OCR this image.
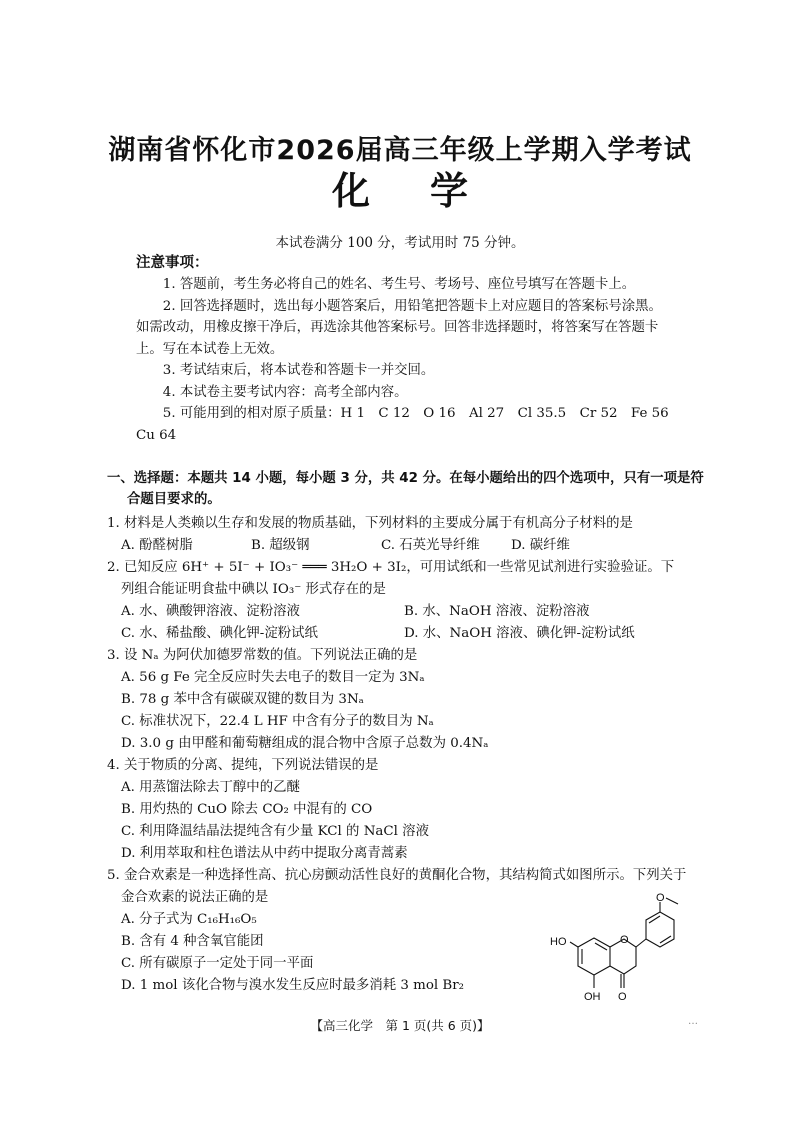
湖南省怀化市2026届高三年级上学期入学考试
化学
本试卷满分 100 分，考试用时 75 分钟。
注意事项：

1. 答题前，考生务必将自己的姓名、考生号、考场号、座位号填写在答题卡上。

2. 回答选择题时，选出每小题答案后，用铅笔把答题卡上对应题目的答案标号涂黑。如需改动，用橡皮擦干净后，再选涂其他答案标号。回答非选择题时，将答案写在答题卡上。写在本试卷上无效。

3. 考试结束后，将本试卷和答题卡一并交回。

4. 本试卷主要考试内容：高考全部内容。

5. 可能用到的相对原子质量：H 1　C 12　O 16　Al 27　Cl 35.5　Cr 52　Fe 56　Cu 64

一、选择题：本题共 14 小题，每小题 3 分，共 42 分。在每小题给出的四个选项中，只有一项是符合题目要求的。

1. 材料是人类赖以生存和发展的物质基础，下列材料的主要成分属于有机高分子材料的是

A. 酚醛树脂	B. 超级钢	C. 石英光导纤维	D. 碳纤维

2. 已知反应 6H⁺ + 5I⁻ + IO₃⁻ ═══ 3H₂O + 3I₂，可用试纸和一些常见试剂进行实验验证。下列组合能证明食盐中碘以 IO₃⁻ 形式存在的是

A. 水、碘酸钾溶液、淀粉溶液	B. 水、NaOH 溶液、淀粉溶液
C. 水、稀盐酸、碘化钾-淀粉试纸	D. 水、NaOH 溶液、碘化钾-淀粉试纸

3. 设 Nₐ 为阿伏加德罗常数的值。下列说法正确的是

A. 56 g Fe 完全反应时失去电子的数目一定为 3Nₐ

B. 78 g 苯中含有碳碳双键的数目为 3Nₐ

C. 标准状况下，22.4 L HF 中含有分子的数目为 Nₐ

D. 3.0 g 由甲醛和葡萄糖组成的混合物中含原子总数为 0.4Nₐ

4. 关于物质的分离、提纯，下列说法错误的是

A. 用蒸馏法除去丁醇中的乙醚

B. 用灼热的 CuO 除去 CO₂ 中混有的 CO

C. 利用降温结晶法提纯含有少量 KCl 的 NaCl 溶液

D. 利用萃取和柱色谱法从中药中提取分离青蒿素

5. 金合欢素是一种选择性高、抗心房颤动活性良好的黄酮化合物，其结构简式如图所示。下列关于金合欢素的说法正确的是

A. 分子式为 C₁₆H₁₆O₅

B. 含有 4 种含氧官能团

C. 所有碳原子一定处于同一平面

D. 1 mol 该化合物与溴水发生反应时最多消耗 3 mol Br₂

HO
OH
O
O
O
【高三化学　第 1 页(共 6 页)】	…
